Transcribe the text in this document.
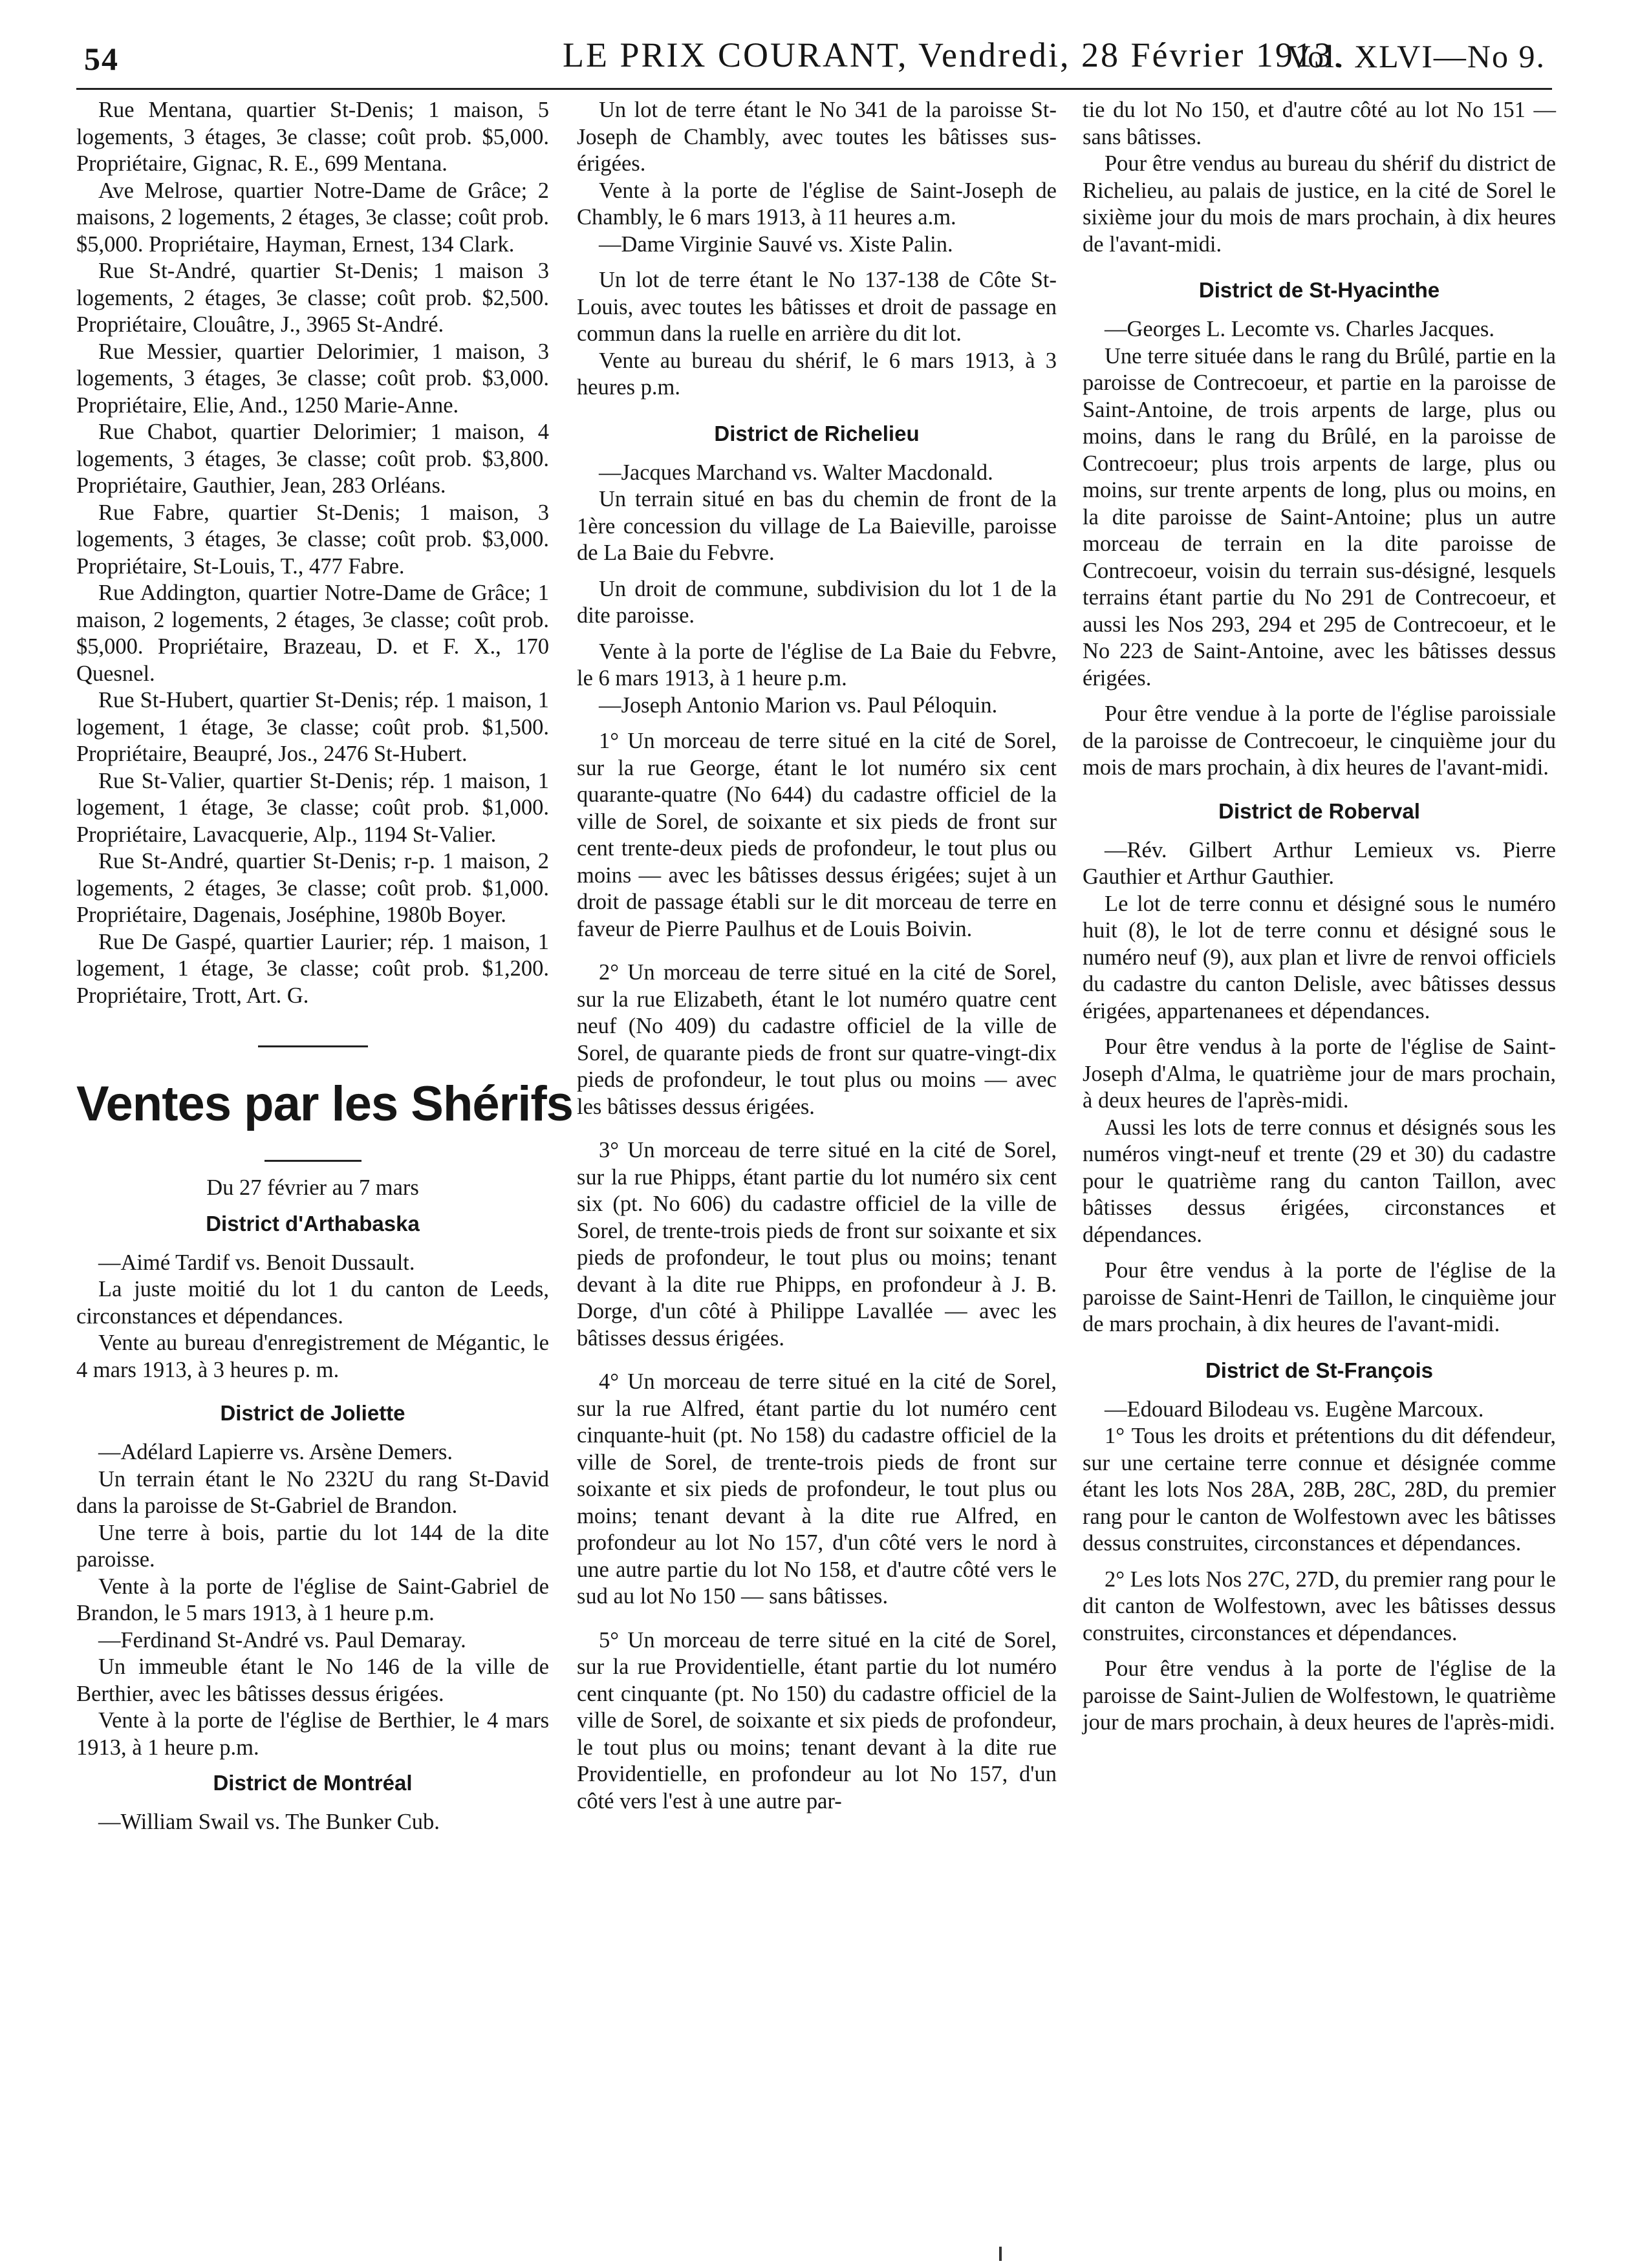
54	LE PRIX COURANT, Vendredi, 28 Février 1913.
Vol. XLVI—No 9.

Rue Mentana, quartier St-Denis; 1 maison, 5 logements, 3 étages, 3e classe; coût prob. $5,000. Propriétaire, Gignac, R. E., 699 Mentana.

Ave Melrose, quartier Notre-Dame de Grâce; 2 maisons, 2 logements, 2 étages, 3e classe; coût prob. $5,000. Propriétaire, Hayman, Ernest, 134 Clark.

Rue St-André, quartier St-Denis; 1 maison 3 logements, 2 étages, 3e classe; coût prob. $2,500. Propriétaire, Clouâtre, J., 3965 St-André.

Rue Messier, quartier Delorimier, 1 maison, 3 logements, 3 étages, 3e classe; coût prob. $3,000. Propriétaire, Elie, And., 1250 Marie-Anne.

Rue Chabot, quartier Delorimier; 1 maison, 4 logements, 3 étages, 3e classe; coût prob. $3,800. Propriétaire, Gauthier, Jean, 283 Orléans.

Rue Fabre, quartier St-Denis; 1 maison, 3 logements, 3 étages, 3e classe; coût prob. $3,000. Propriétaire, St-Louis, T., 477 Fabre.

Rue Addington, quartier Notre-Dame de Grâce; 1 maison, 2 logements, 2 étages, 3e classe; coût prob. $5,000. Propriétaire, Brazeau, D. et F. X., 170 Quesnel.

Rue St-Hubert, quartier St-Denis; rép. 1 maison, 1 logement, 1 étage, 3e classe; coût prob. $1,500. Propriétaire, Beaupré, Jos., 2476 St-Hubert.

Rue St-Valier, quartier St-Denis; rép. 1 maison, 1 logement, 1 étage, 3e classe; coût prob. $1,000. Propriétaire, Lavacquerie, Alp., 1194 St-Valier.

Rue St-André, quartier St-Denis; r-p. 1 maison, 2 logements, 2 étages, 3e classe; coût prob. $1,000. Propriétaire, Dagenais, Joséphine, 1980b Boyer.

Rue De Gaspé, quartier Laurier; rép. 1 maison, 1 logement, 1 étage, 3e classe; coût prob. $1,200. Propriétaire, Trott, Art. G.

Ventes par les Shérifs

Du 27 février au 7 mars

District d'Arthabaska

—Aimé Tardif vs. Benoit Dussault.

La juste moitié du lot 1 du canton de Leeds, circonstances et dépendances.

Vente au bureau d'enregistrement de Mégantic, le 4 mars 1913, à 3 heures p. m.

District de Joliette

—Adélard Lapierre vs. Arsène Demers.

Un terrain étant le No 232U du rang St-David dans la paroisse de St-Gabriel de Brandon.

Une terre à bois, partie du lot 144 de la dite paroisse.

Vente à la porte de l'église de Saint-Gabriel de Brandon, le 5 mars 1913, à 1 heure p.m.

—Ferdinand St-André vs. Paul Demaray.

Un immeuble étant le No 146 de la ville de Berthier, avec les bâtisses dessus érigées.

Vente à la porte de l'église de Berthier, le 4 mars 1913, à 1 heure p.m.

District de Montréal

—William Swail vs. The Bunker Cub.

Un lot de terre étant le No 341 de la paroisse St-Joseph de Chambly, avec toutes les bâtisses sus-érigées.

Vente à la porte de l'église de Saint-Joseph de Chambly, le 6 mars 1913, à 11 heures a.m.

—Dame Virginie Sauvé vs. Xiste Palin.

Un lot de terre étant le No 137-138 de Côte St-Louis, avec toutes les bâtisses et droit de passage en commun dans la ruelle en arrière du dit lot.

Vente au bureau du shérif, le 6 mars 1913, à 3 heures p.m.

District de Richelieu

—Jacques Marchand vs. Walter Macdonald.

Un terrain situé en bas du chemin de front de la 1ère concession du village de La Baieville, paroisse de La Baie du Febvre.

Un droit de commune, subdivision du lot 1 de la dite paroisse.

Vente à la porte de l'église de La Baie du Febvre, le 6 mars 1913, à 1 heure p.m.

—Joseph Antonio Marion vs. Paul Péloquin.

1° Un morceau de terre situé en la cité de Sorel, sur la rue George, étant le lot numéro six cent quarante-quatre (No 644) du cadastre officiel de la ville de Sorel, de soixante et six pieds de front sur cent trente-deux pieds de profondeur, le tout plus ou moins — avec les bâtisses dessus érigées; sujet à un droit de passage établi sur le dit morceau de terre en faveur de Pierre Paulhus et de Louis Boivin.

2° Un morceau de terre situé en la cité de Sorel, sur la rue Elizabeth, étant le lot numéro quatre cent neuf (No 409) du cadastre officiel de la ville de Sorel, de quarante pieds de front sur quatre-vingt-dix pieds de profondeur, le tout plus ou moins — avec les bâtisses dessus érigées.

3° Un morceau de terre situé en la cité de Sorel, sur la rue Phipps, étant partie du lot numéro six cent six (pt. No 606) du cadastre officiel de la ville de Sorel, de trente-trois pieds de front sur soixante et six pieds de profondeur, le tout plus ou moins; tenant devant à la dite rue Phipps, en profondeur à J. B. Dorge, d'un côté à Philippe Lavallée — avec les bâtisses dessus érigées.

4° Un morceau de terre situé en la cité de Sorel, sur la rue Alfred, étant partie du lot numéro cent cinquante-huit (pt. No 158) du cadastre officiel de la ville de Sorel, de trente-trois pieds de front sur soixante et six pieds de profondeur, le tout plus ou moins; tenant devant à la dite rue Alfred, en profondeur au lot No 157, d'un côté vers le nord à une autre partie du lot No 158, et d'autre côté vers le sud au lot No 150 — sans bâtisses.

5° Un morceau de terre situé en la cité de Sorel, sur la rue Providentielle, étant partie du lot numéro cent cinquante (pt. No 150) du cadastre officiel de la ville de Sorel, de soixante et six pieds de profondeur, le tout plus ou moins; tenant devant à la dite rue Providentielle, en profondeur au lot No 157, d'un côté vers l'est à une autre par-

tie du lot No 150, et d'autre côté au lot No 151 — sans bâtisses.

Pour être vendus au bureau du shérif du district de Richelieu, au palais de justice, en la cité de Sorel le sixième jour du mois de mars prochain, à dix heures de l'avant-midi.

District de St-Hyacinthe

—Georges L. Lecomte vs. Charles Jacques.

Une terre située dans le rang du Brûlé, partie en la paroisse de Contrecoeur, et partie en la paroisse de Saint-Antoine, de trois arpents de large, plus ou moins, dans le rang du Brûlé, en la paroisse de Contrecoeur; plus trois arpents de large, plus ou moins, sur trente arpents de long, plus ou moins, en la dite paroisse de Saint-Antoine; plus un autre morceau de terrain en la dite paroisse de Contrecoeur, voisin du terrain sus-désigné, lesquels terrains étant partie du No 291 de Contrecoeur, et aussi les Nos 293, 294 et 295 de Contrecoeur, et le No 223 de Saint-Antoine, avec les bâtisses dessus érigées.

Pour être vendue à la porte de l'église paroissiale de la paroisse de Contrecoeur, le cinquième jour du mois de mars prochain, à dix heures de l'avant-midi.

District de Roberval

—Rév. Gilbert Arthur Lemieux vs. Pierre Gauthier et Arthur Gauthier.

Le lot de terre connu et désigné sous le numéro huit (8), le lot de terre connu et désigné sous le numéro neuf (9), aux plan et livre de renvoi officiels du cadastre du canton Delisle, avec bâtisses dessus érigées, appartenanees et dépendances.

Pour être vendus à la porte de l'église de Saint-Joseph d'Alma, le quatrième jour de mars prochain, à deux heures de l'après-midi.

Aussi les lots de terre connus et désignés sous les numéros vingt-neuf et trente (29 et 30) du cadastre pour le quatrième rang du canton Taillon, avec bâtisses dessus érigées, circonstances et dépendances.

Pour être vendus à la porte de l'église de la paroisse de Saint-Henri de Taillon, le cinquième jour de mars prochain, à dix heures de l'avant-midi.

District de St-François

—Edouard Bilodeau vs. Eugène Marcoux.

1° Tous les droits et prétentions du dit défendeur, sur une certaine terre connue et désignée comme étant les lots Nos 28A, 28B, 28C, 28D, du premier rang pour le canton de Wolfestown avec les bâtisses dessus construites, circonstances et dépendances.

2° Les lots Nos 27C, 27D, du premier rang pour le dit canton de Wolfestown, avec les bâtisses dessus construites, circonstances et dépendances.

Pour être vendus à la porte de l'église de la paroisse de Saint-Julien de Wolfestown, le quatrième jour de mars prochain, à deux heures de l'après-midi.
